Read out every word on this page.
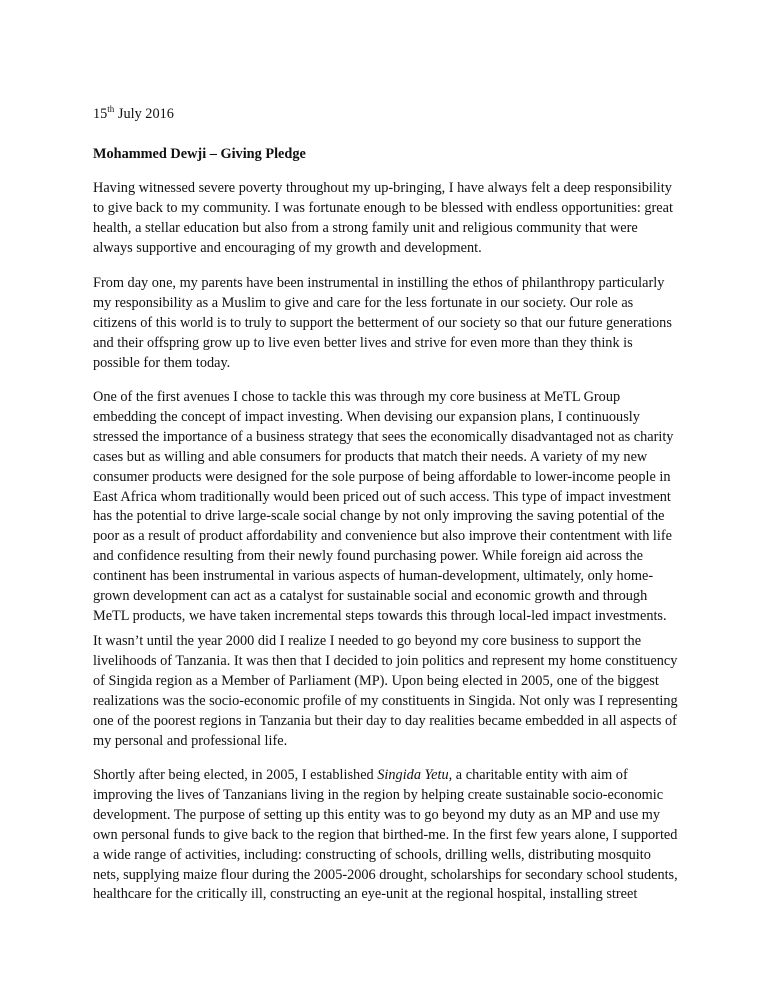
15th July 2016
Mohammed Dewji – Giving Pledge

Having witnessed severe poverty throughout my up-bringing, I have always felt a deep responsibility
to give back to my community. I was fortunate enough to be blessed with endless opportunities: great
health, a stellar education but also from a strong family unit and religious community that were
always supportive and encouraging of my growth and development.

From day one, my parents have been instrumental in instilling the ethos of philanthropy particularly
my responsibility as a Muslim to give and care for the less fortunate in our society. Our role as
citizens of this world is to truly to support the betterment of our society so that our future generations
and their offspring grow up to live even better lives and strive for even more than they think is
possible for them today.

One of the first avenues I chose to tackle this was through my core business at MeTL Group
embedding the concept of impact investing. When devising our expansion plans, I continuously
stressed the importance of a business strategy that sees the economically disadvantaged not as charity
cases but as willing and able consumers for products that match their needs. A variety of my new
consumer products were designed for the sole purpose of being affordable to lower-income people in
East Africa whom traditionally would been priced out of such access. This type of impact investment
has the potential to drive large-scale social change by not only improving the saving potential of the
poor as a result of product affordability and convenience but also improve their contentment with life
and confidence resulting from their newly found purchasing power. While foreign aid across the
continent has been instrumental in various aspects of human-development, ultimately, only home-
grown development can act as a catalyst for sustainable social and economic growth and through
MeTL products, we have taken incremental steps towards this through local-led impact investments.

It wasn’t until the year 2000 did I realize I needed to go beyond my core business to support the
livelihoods of Tanzania. It was then that I decided to join politics and represent my home constituency
of Singida region as a Member of Parliament (MP). Upon being elected in 2005, one of the biggest
realizations was the socio-economic profile of my constituents in Singida. Not only was I representing
one of the poorest regions in Tanzania but their day to day realities became embedded in all aspects of
my personal and professional life.

Shortly after being elected, in 2005, I established Singida Yetu, a charitable entity with aim of
improving the lives of Tanzanians living in the region by helping create sustainable socio-economic
development. The purpose of setting up this entity was to go beyond my duty as an MP and use my
own personal funds to give back to the region that birthed-me. In the first few years alone, I supported
a wide range of activities, including: constructing of schools, drilling wells, distributing mosquito
nets, supplying maize flour during the 2005-2006 drought, scholarships for secondary school students,
healthcare for the critically ill, constructing an eye-unit at the regional hospital, installing street
